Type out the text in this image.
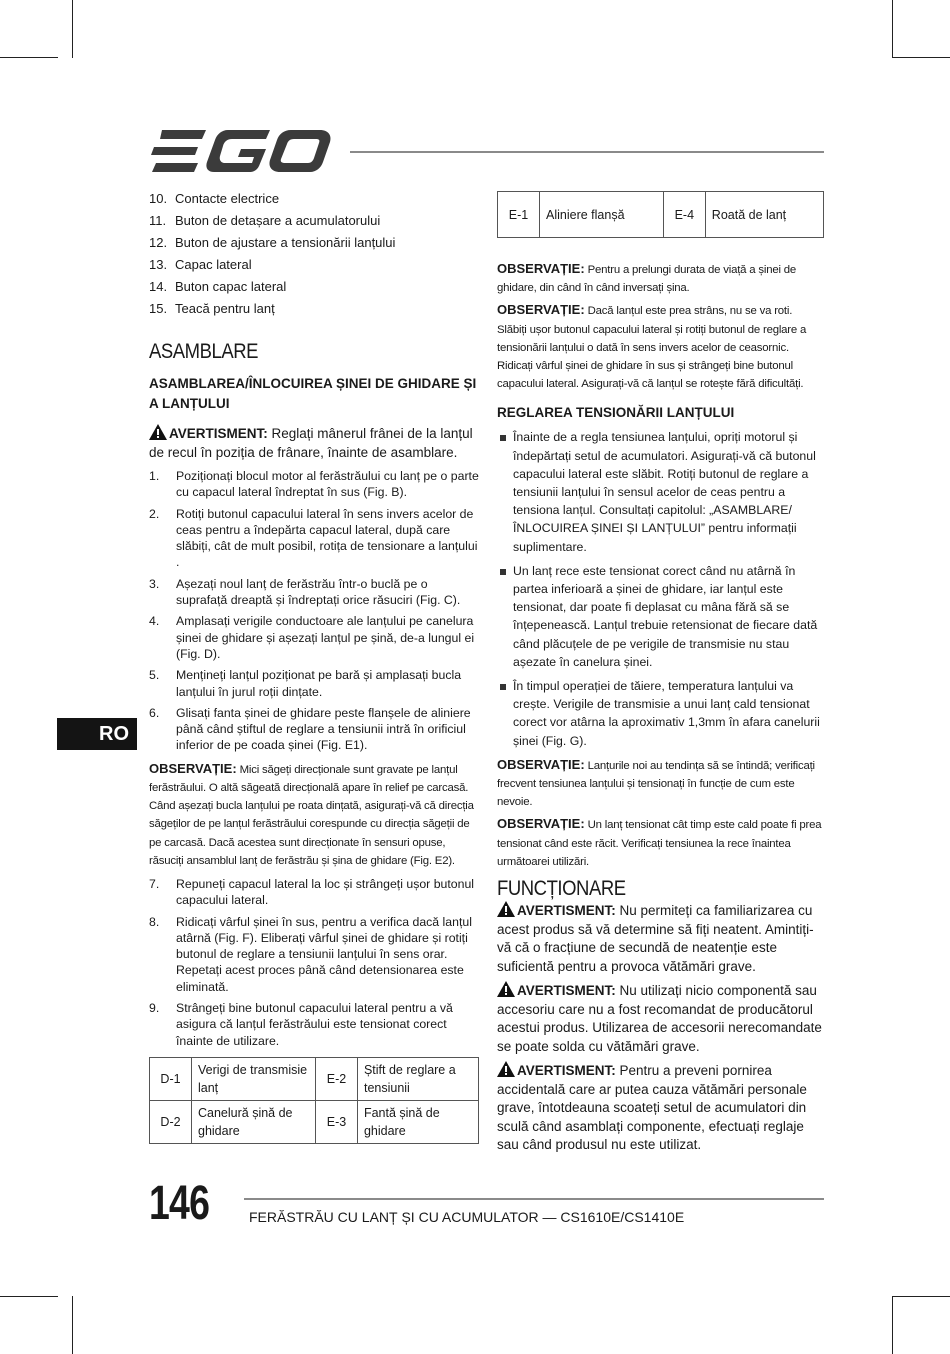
10. Contacte electrice
11. Buton de detașare a acumulatorului
12. Buton de ajustare a tensionării lanțului
13. Capac lateral
14. Buton capac lateral
15. Teacă pentru lanț
ASAMBLARE
ASAMBLAREA/ÎNLOCUIREA ȘINEI DE GHIDARE ȘI A LANȚULUI

AVERTISMENT: Reglați mânerul frânei de la lanțul de recul în poziția de frânare, înainte de asamblare.

1.	Poziționați blocul motor al ferăstrăului cu lanț pe o parte cu capacul lateral îndreptat în sus (Fig. B).
2.	Rotiți butonul capacului lateral în sens invers acelor de ceas pentru a îndepărta capacul lateral, după care slăbiți, cât de mult posibil, rotița de tensionare a lanțului .
3.	Așezați noul lanț de ferăstrău într-o buclă pe o suprafață dreaptă și îndreptați orice răsuciri (Fig. C).
4.	Amplasați verigile conductoare ale lanțului pe canelura șinei de ghidare și așezați lanțul pe șină, de-a lungul ei (Fig. D).
5.	Mențineți lanțul poziționat pe bară și amplasați bucla lanțului în jurul roții dințate.
6.	Glisați fanta șinei de ghidare peste flanșele de aliniere până când știftul de reglare a tensiunii intră în orificiul inferior de pe coada șinei (Fig. E1).

OBSERVAȚIE: Mici săgeți direcționale sunt gravate pe lanțul ferăstrăului. O altă săgeată direcțională apare în relief pe carcasă. Când așezați bucla lanțului pe roata dințată, asigurați-vă că direcția săgeților de pe lanțul ferăstrăului corespunde cu direcția săgeții de pe carcasă. Dacă acestea sunt direcționate în sensuri opuse, răsuciți ansamblul lanț de ferăstrău și șina de ghidare (Fig. E2).

7.	Repuneți capacul lateral la loc și strângeți ușor butonul capacului lateral.
8.	Ridicați vârful șinei în sus, pentru a verifica dacă lanțul atârnă (Fig. F). Eliberați vârful șinei de ghidare și rotiți butonul de reglare a tensiunii lanțului în sens orar. Repetați acest proces până când detensionarea este eliminată.
9.	Strângeți bine butonul capacului lateral pentru a vă asigura că lanțul ferăstrăului este tensionat corect înainte de utilizare.
D-1	Verigi de transmisie lanț	E-2	Știft de reglare a tensiunii
D-2	Canelură șină de ghidare	E-3	Fantă șină de ghidare
E-1	Aliniere flanșă	E-4	Roată de lanț

OBSERVAȚIE: Pentru a prelungi durata de viață a șinei de ghidare, din când în când inversați șina.

OBSERVAȚIE: Dacă lanțul este prea strâns, nu se va roti. Slăbiți ușor butonul capacului lateral și rotiți butonul de reglare a tensionării lanțului o dată în sens invers acelor de ceasornic. Ridicați vârful șinei de ghidare în sus și strângeți bine butonul capacului lateral. Asigurați-vă că lanțul se rotește fără dificultăți.

REGLAREA TENSIONĂRII LANȚULUI
Înainte de a regla tensiunea lanțului, opriți motorul și îndepărtați setul de acumulatori. Asigurați-vă că butonul capacului lateral este slăbit. Rotiți butonul de reglare a tensiunii lanțului în sensul acelor de ceas pentru a tensiona lanțul. Consultați capitolul: „ASAMBLARE/ ÎNLOCUIREA ȘINEI ȘI LANȚULUI” pentru informații suplimentare.
Un lanț rece este tensionat corect când nu atârnă în partea inferioară a șinei de ghidare, iar lanțul este tensionat, dar poate fi deplasat cu mâna fără să se înțepenească. Lanțul trebuie retensionat de fiecare dată când plăcuțele de pe verigile de transmisie nu stau așezate în canelura șinei.
În timpul operației de tăiere, temperatura lanțului va crește. Verigile de transmisie a unui lanț cald tensionat corect vor atârna la aproximativ 1,3mm în afara canelurii șinei (Fig. G).

OBSERVAȚIE: Lanțurile noi au tendința să se întindă; verificați frecvent tensiunea lanțului și tensionați în funcție de cum este nevoie.

OBSERVAȚIE: Un lanț tensionat cât timp este cald poate fi prea tensionat când este răcit. Verificați tensiunea la rece înaintea următoarei utilizări.

FUNCȚIONARE

AVERTISMENT: Nu permiteți ca familiarizarea cu acest produs să vă determine să fiți neatent. Amintiți-vă că o fracțiune de secundă de neatenție este suficientă pentru a provoca vătămări grave.

AVERTISMENT: Nu utilizați nicio componentă sau accesoriu care nu a fost recomandat de producătorul acestui produs. Utilizarea de accesorii nerecomandate se poate solda cu vătămări grave.

AVERTISMENT: Pentru a preveni pornirea accidentală care ar putea cauza vătămări personale grave, întotdeauna scoateți setul de acumulatori din sculă când asamblați componente, efectuați reglaje sau când produsul nu este utilizat.

RO
146	FERĂSTRĂU CU LANȚ ȘI CU ACUMULATOR — CS1610E/CS1410E
